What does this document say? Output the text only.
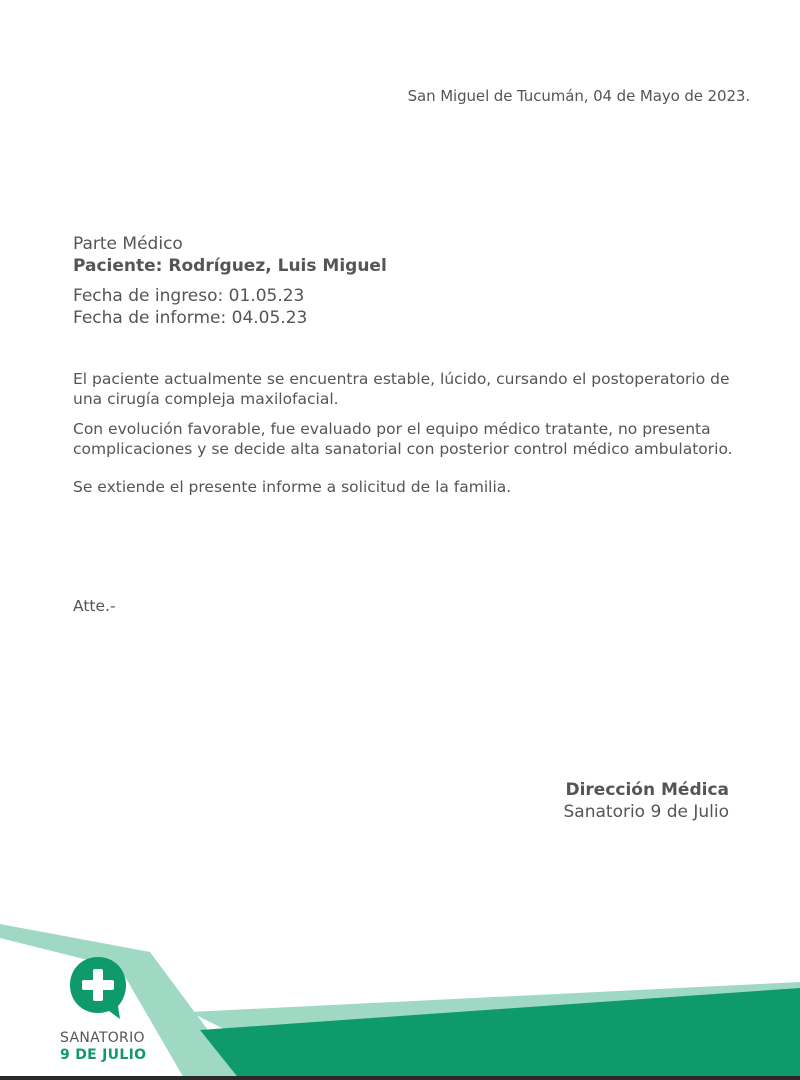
San Miguel de Tucumán, 04 de Mayo de 2023.
Parte Médico
Paciente: Rodríguez, Luis Miguel
Fecha de ingreso: 01.05.23
Fecha de informe: 04.05.23

El paciente actualmente se encuentra estable, lúcido, cursando el postoperatorio de una cirugía compleja maxilofacial.

Con evolución favorable, fue evaluado por el equipo médico tratante, no presenta complicaciones y se decide alta sanatorial con posterior control médico ambulatorio.

Se extiende el presente informe a solicitud de la familia.

Atte.-
Dirección Médica
Sanatorio 9 de Julio
SANATORIO
9 DE JULIO
